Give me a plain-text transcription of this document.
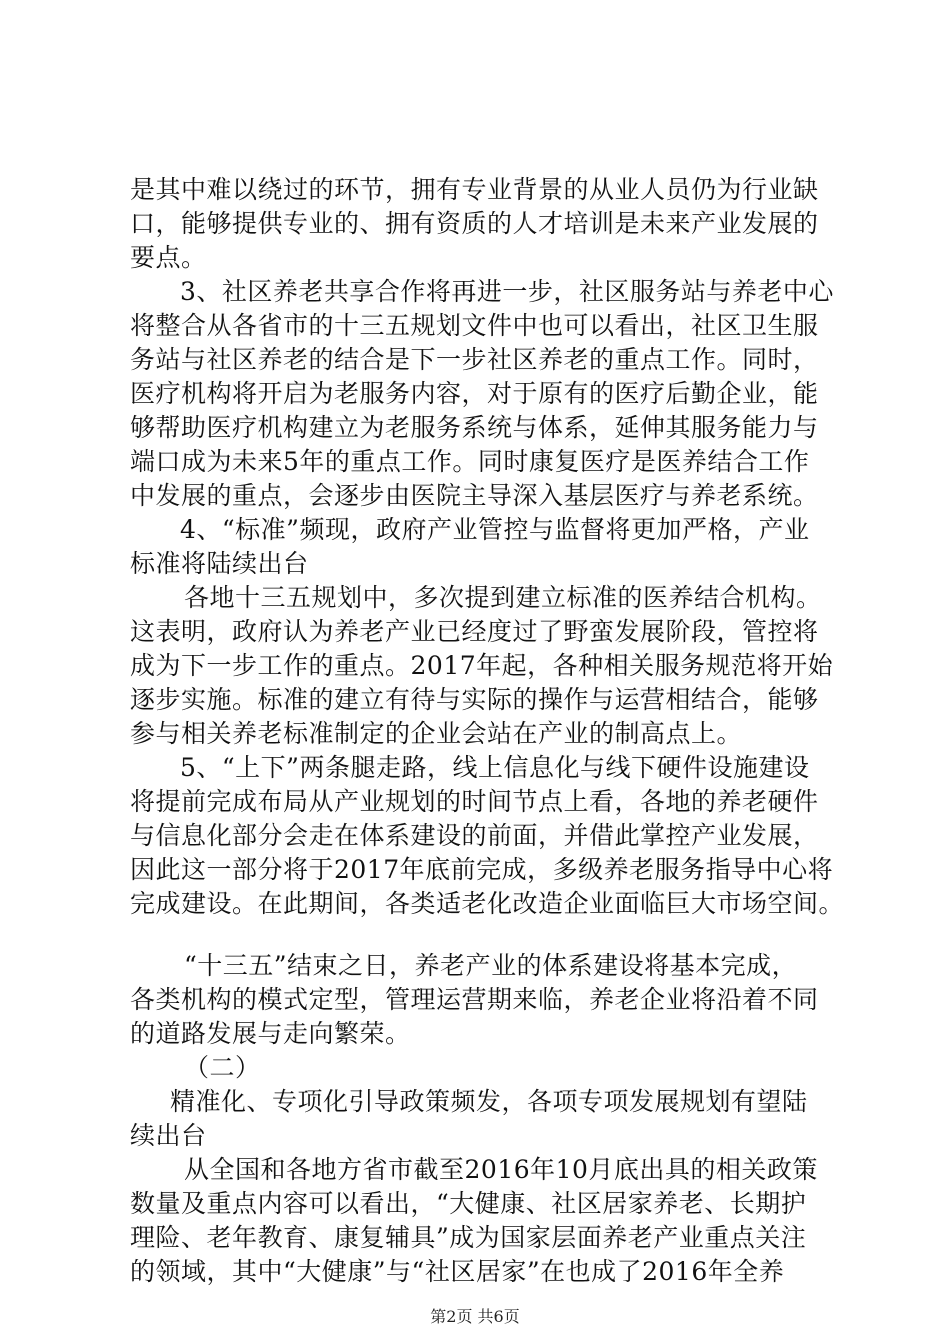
是其中难以绕过的环节，拥有专业背景的从业人员仍为行业缺
口，能够提供专业的、拥有资质的人才培训是未来产业发展的
要点。
3、社区养老共享合作将再进一步，社区服务站与养老中心
将整合从各省市的十三五规划文件中也可以看出，社区卫生服
务站与社区养老的结合是下一步社区养老的重点工作。同时，
医疗机构将开启为老服务内容，对于原有的医疗后勤企业，能
够帮助医疗机构建立为老服务系统与体系，延伸其服务能力与
端口成为未来5年的重点工作。同时康复医疗是医养结合工作
中发展的重点，会逐步由医院主导深入基层医疗与养老系统。
4、“标准”频现，政府产业管控与监督将更加严格，产业
标准将陆续出台
各地十三五规划中，多次提到建立标准的医养结合机构。
这表明，政府认为养老产业已经度过了野蛮发展阶段，管控将
成为下一步工作的重点。2017年起，各种相关服务规范将开始
逐步实施。标准的建立有待与实际的操作与运营相结合，能够
参与相关养老标准制定的企业会站在产业的制高点上。
5、“上下”两条腿走路，线上信息化与线下硬件设施建设
将提前完成布局从产业规划的时间节点上看，各地的养老硬件
与信息化部分会走在体系建设的前面，并借此掌控产业发展，
因此这一部分将于2017年底前完成，多级养老服务指导中心将
完成建设。在此期间，各类适老化改造企业面临巨大市场空间。
“十三五”结束之日，养老产业的体系建设将基本完成，
各类机构的模式定型，管理运营期来临，养老企业将沿着不同
的道路发展与走向繁荣。
（二）
精准化、专项化引导政策频发，各项专项发展规划有望陆
续出台
从全国和各地方省市截至2016年10月底出具的相关政策
数量及重点内容可以看出，“大健康、社区居家养老、长期护
理险、老年教育、康复辅具”成为国家层面养老产业重点关注
的领域，其中“大健康”与“社区居家”在也成了2016年全养
第2页 共6页
